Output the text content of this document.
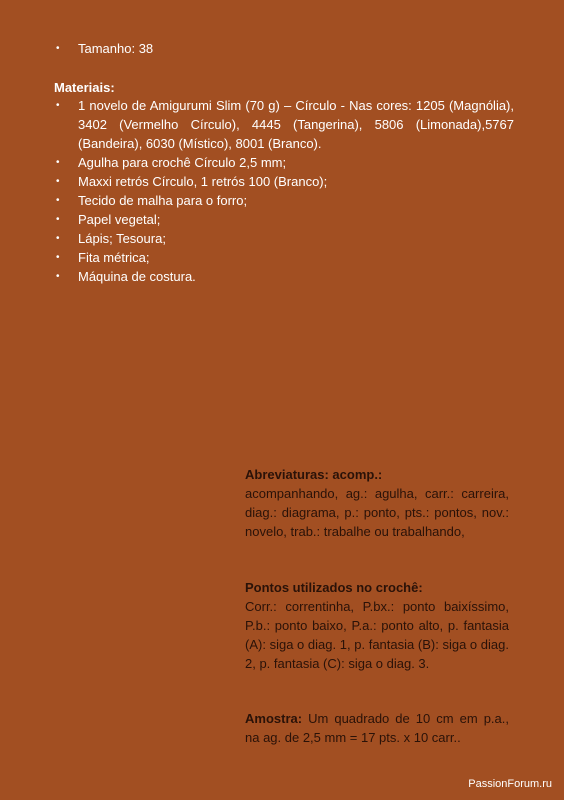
• Tamanho: 38
Materiais:
• 1 novelo de Amigurumi Slim (70 g) – Círculo - Nas cores: 1205 (Magnólia), 3402 (Vermelho Círculo), 4445 (Tangerina), 5806 (Limonada),5767 (Bandeira), 6030 (Místico), 8001 (Branco).
• Agulha para crochê Círculo 2,5 mm;
• Maxxi retrós Círculo, 1 retrós 100 (Branco);
• Tecido de malha para o forro;
• Papel vegetal;
• Lápis; Tesoura;
• Fita métrica;
• Máquina de costura.
Abreviaturas: acomp.:
acompanhando, ag.: agulha, carr.: carreira, diag.: diagrama, p.: ponto, pts.: pontos, nov.: novelo, trab.: trabalhe ou trabalhando,
Pontos utilizados no crochê:
Corr.: correntinha, P.bx.: ponto baixíssimo, P.b.: ponto baixo, P.a.: ponto alto, p. fantasia (A): siga o diag. 1, p. fantasia (B): siga o diag. 2, p. fantasia (C): siga o diag. 3.
Amostra: Um quadrado de 10 cm em p.a., na ag. de 2,5 mm = 17 pts. x 10 carr..
PassionForum.ru
